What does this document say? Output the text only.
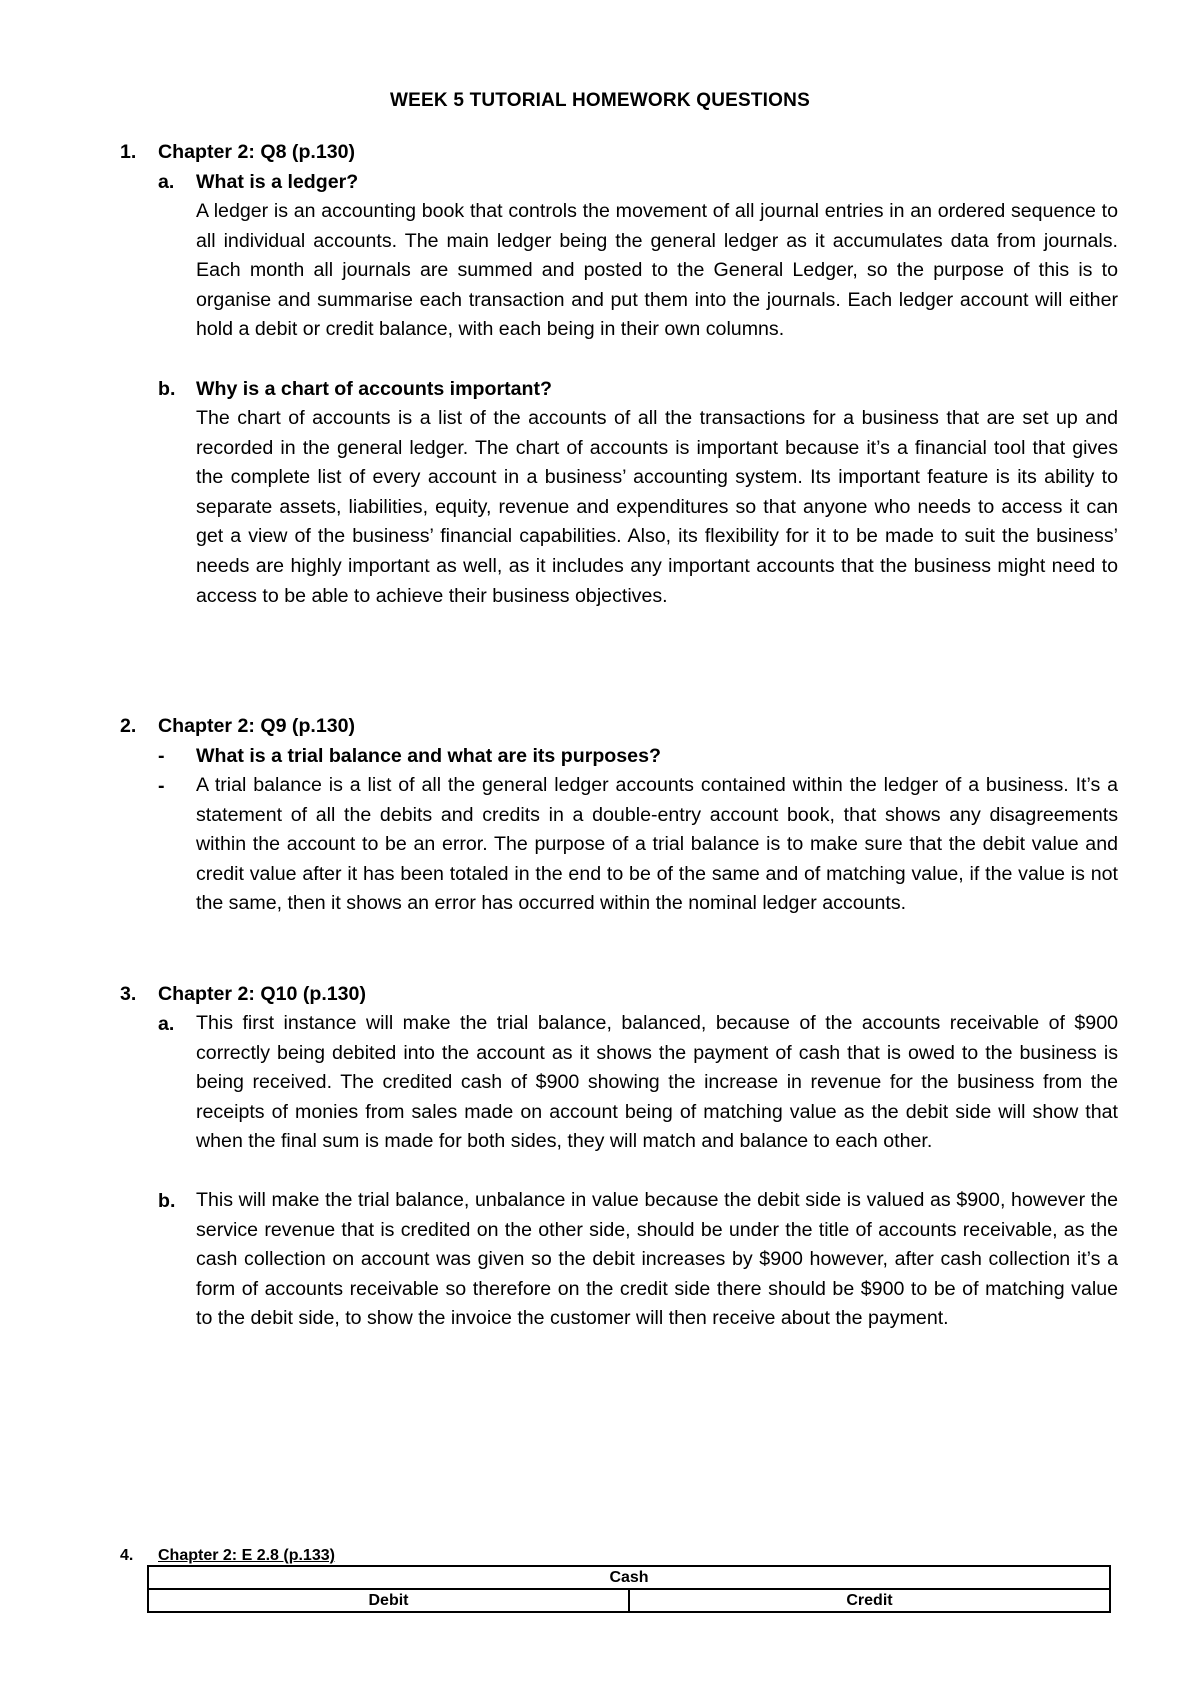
WEEK 5 TUTORIAL HOMEWORK QUESTIONS
1.	Chapter 2: Q8 (p.130)
a. What is a ledger?
A ledger is an accounting book that controls the movement of all journal entries in an ordered sequence to all individual accounts. The main ledger being the general ledger as it accumulates data from journals. Each month all journals are summed and posted to the General Ledger, so the purpose of this is to organise and summarise each transaction and put them into the journals. Each ledger account will either hold a debit or credit balance, with each being in their own columns.
b. Why is a chart of accounts important?
The chart of accounts is a list of the accounts of all the transactions for a business that are set up and recorded in the general ledger. The chart of accounts is important because it’s a financial tool that gives the complete list of every account in a business’ accounting system. Its important feature is its ability to separate assets, liabilities, equity, revenue and expenditures so that anyone who needs to access it can get a view of the business’ financial capabilities. Also, its flexibility for it to be made to suit the business’ needs are highly important as well, as it includes any important accounts that the business might need to access to be able to achieve their business objectives.
2.	Chapter 2: Q9 (p.130)
- What is a trial balance and what are its purposes?
- A trial balance is a list of all the general ledger accounts contained within the ledger of a business. It’s a statement of all the debits and credits in a double-entry account book, that shows any disagreements within the account to be an error. The purpose of a trial balance is to make sure that the debit value and credit value after it has been totaled in the end to be of the same and of matching value, if the value is not the same, then it shows an error has occurred within the nominal ledger accounts.
3.	Chapter 2: Q10 (p.130)
a. This first instance will make the trial balance, balanced, because of the accounts receivable of $900 correctly being debited into the account as it shows the payment of cash that is owed to the business is being received. The credited cash of $900 showing the increase in revenue for the business from the receipts of monies from sales made on account being of matching value as the debit side will show that when the final sum is made for both sides, they will match and balance to each other.
b. This will make the trial balance, unbalance in value because the debit side is valued as $900, however the service revenue that is credited on the other side, should be under the title of accounts receivable, as the cash collection on account was given so the debit increases by $900 however, after cash collection it’s a form of accounts receivable so therefore on the credit side there should be $900 to be of matching value to the debit side, to show the invoice the customer will then receive about the payment.
4.	Chapter 2: E 2.8 (p.133)
Cash
Debit	Credit
